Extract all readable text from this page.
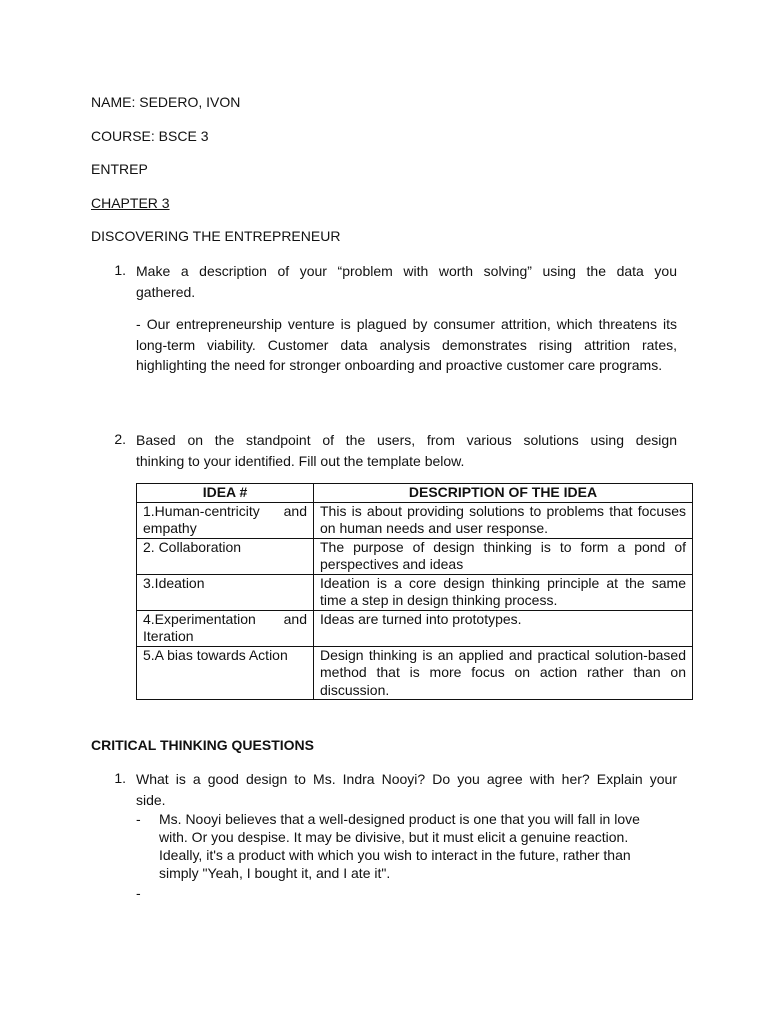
NAME: SEDERO, IVON
COURSE: BSCE 3
ENTREP
CHAPTER 3
DISCOVERING THE ENTREPRENEUR
1. Make a description of your “problem with worth solving” using the data you
gathered.
- Our entrepreneurship venture is plagued by consumer attrition, which threatens its long-term viability. Customer data analysis demonstrates rising attrition rates, highlighting the need for stronger onboarding and proactive customer care programs.
2. Based on the standpoint of the users, from various solutions using design
thinking to your identified. Fill out the template below.
IDEA #	DESCRIPTION OF THE IDEA
1.Human-centricity and empathy	This is about providing solutions to problems that focuses on human needs and user response.
2. Collaboration	The purpose of design thinking is to form a pond of perspectives and ideas
3.Ideation	Ideation is a core design thinking principle at the same time a step in design thinking process.
4.Experimentation and Iteration	Ideas are turned into prototypes.
5.A bias towards Action	Design thinking is an applied and practical solution-based method that is more focus on action rather than on discussion.
CRITICAL THINKING QUESTIONS
1. What is a good design to Ms. Indra Nooyi? Do you agree with her? Explain your
side.
- Ms. Nooyi believes that a well-designed product is one that you will fall in love with. Or you despise. It may be divisive, but it must elicit a genuine reaction. Ideally, it's a product with which you wish to interact in the future, rather than simply "Yeah, I bought it, and I ate it".
-
